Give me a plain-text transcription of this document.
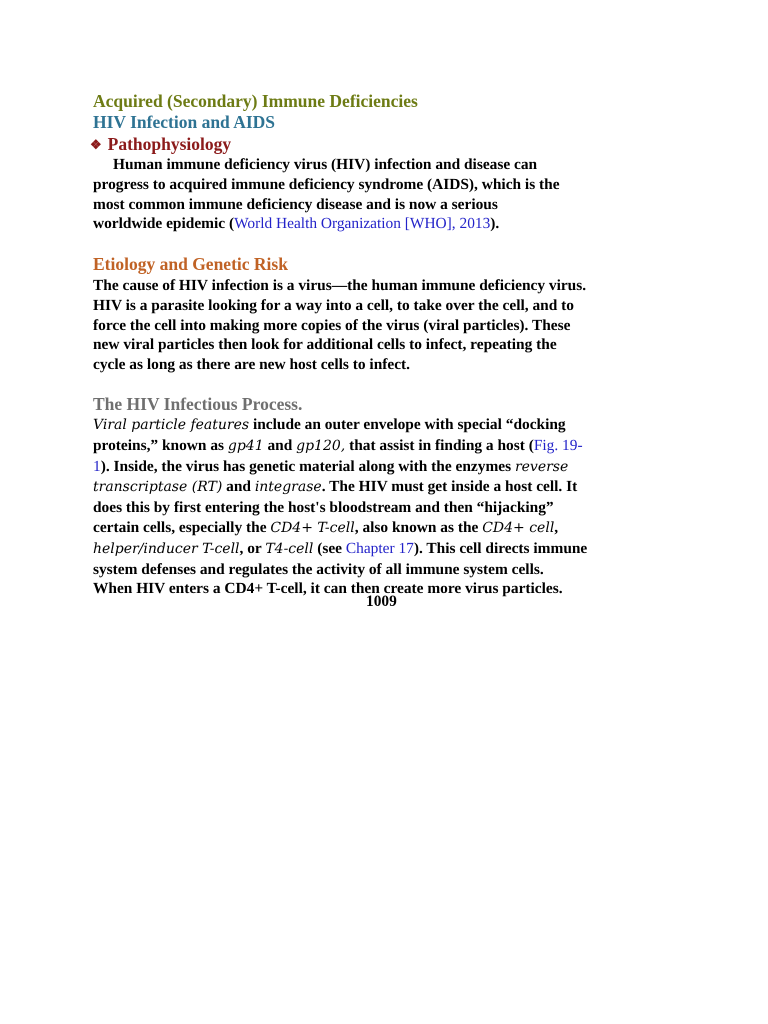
Acquired (Secondary) Immune Deficiencies
HIV Infection and AIDS
❖ Pathophysiology
Human immune deficiency virus (HIV) infection and disease can
progress to acquired immune deficiency syndrome (AIDS), which is the
most common immune deficiency disease and is now a serious
worldwide epidemic (World Health Organization [WHO], 2013).
Etiology and Genetic Risk
The cause of HIV infection is a virus—the human immune deficiency virus.
HIV is a parasite looking for a way into a cell, to take over the cell, and to
force the cell into making more copies of the virus (viral particles). These
new viral particles then look for additional cells to infect, repeating the
cycle as long as there are new host cells to infect.
The HIV Infectious Process.
Viral particle features include an outer envelope with special “docking
proteins,” known as gp41 and gp120, that assist in finding a host (Fig. 19-
1). Inside, the virus has genetic material along with the enzymes reverse
transcriptase (RT) and integrase. The HIV must get inside a host cell. It
does this by first entering the host's bloodstream and then “hijacking”
certain cells, especially the CD4+ T-cell, also known as the CD4+ cell,
helper/inducer T-cell, or T4-cell (see Chapter 17). This cell directs immune
system defenses and regulates the activity of all immune system cells.
When HIV enters a CD4+ T-cell, it can then create more virus particles.
1009
